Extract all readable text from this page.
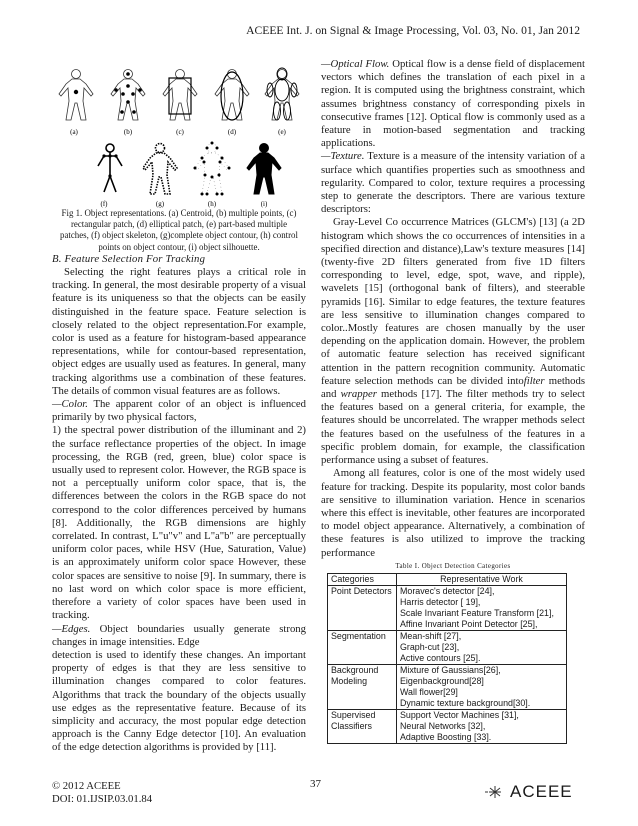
ACEEE Int. J. on Signal & Image Processing, Vol. 03, No. 01, Jan 2012
(a)	(b)	(c)	(d)	(e)
(f)	(g)	(h)	(i)

Fig 1. Object representations. (a) Centroid, (b) multiple points, (c) rectangular patch, (d) elliptical patch, (e) part-based multiple patches, (f) object skeleton, (g)complete object contour, (h) control points on object contour, (i) object silhouette.

B. Feature Selection For Tracking

Selecting the right features plays a critical role in tracking. In general, the most desirable property of a visual feature is its uniqueness so that the objects can be easily distinguished in the feature space. Feature selection is closely related to the object representation.For example, color is used as a feature for histogram-based appearance representations, while for contour-based representation, object edges are usually used as features. In general, many tracking algorithms use a combination of these features. The details of common visual features are as follows.

—Color. The apparent color of an object is influenced primarily by two physical factors,

1) the spectral power distribution of the illuminant and 2) the surface reflectance properties of the object. In image processing, the RGB (red, green, blue) color space is usually used to represent color. However, the RGB space is not a perceptually uniform color space, that is, the differences between the colors in the RGB space do not correspond to the color differences perceived by humans [8]. Additionally, the RGB dimensions are highly correlated. In contrast, L"u"v" and L"a"b" are perceptually uniform color paces, while HSV (Hue, Saturation, Value) is an approximately uniform color space However, these color spaces are sensitive to noise [9]. In summary, there is no last word on which color space is more efficient, therefore a variety of color spaces have been used in tracking.

—Edges. Object boundaries usually generate strong changes in image intensities. Edge

detection is used to identify these changes. An important property of edges is that they are less sensitive to illumination changes compared to color features. Algorithms that track the boundary of the objects usually use edges as the representative feature. Because of its simplicity and accuracy, the most popular edge detection approach is the Canny Edge detector [10]. An evaluation of the edge detection algorithms is provided by [11].

—Optical Flow. Optical flow is a dense field of displacement vectors which defines the translation of each pixel in a region. It is computed using the brightness constraint, which assumes brightness constancy of corresponding pixels in consecutive frames [12]. Optical flow is commonly used as a feature in motion-based segmentation and tracking applications.

—Texture. Texture is a measure of the intensity variation of a surface which quantifies properties such as smoothness and regularity. Compared to color, texture requires a processing step to generate the descriptors. There are various texture descriptors:

Gray-Level Co occurrence Matrices (GLCM's) [13] (a 2D histogram which shows the co occurrences of intensities in a specified direction and distance),Law's texture measures [14] (twenty-five 2D filters generated from five 1D filters corresponding to level, edge, spot, wave, and ripple), wavelets [15] (orthogonal bank of filters), and steerable pyramids [16]. Similar to edge features, the texture features are less sensitive to illumination changes compared to color..Mostly features are chosen manually by the user depending on the application domain. However, the problem of automatic feature selection has received significant attention in the pattern recognition community. Automatic feature selection methods can be divided intofilter methods and wrapper methods [17]. The filter methods try to select the features based on a general criteria, for example, the features should be uncorrelated. The wrapper methods select the features based on the usefulness of the features in a specific problem domain, for example, the classification performance using a subset of features.

Among all features, color is one of the most widely used feature for tracking. Despite its popularity, most color bands are sensitive to illumination variation. Hence in scenarios where this effect is inevitable, other features are incorporated to model object appearance. Alternatively, a combination of these features is also utilized to improve the tracking performance

Table I. Object Detection Categories

Categories	Representative Work
Point Detectors	Moravec's detector [24],
Harris detector [ 19],
Scale Invariant Feature Transform [21],
Affine Invariant Point Detector [25],

Segmentation	Mean-shift [27],
Graph-cut [23],
Active contours [25].

Background Modeling	Mixture of Gaussians[26],
Eigenbackground[28]
Wall flower[29]
Dynamic texture background[30].

Supervised Classifiers	Support Vector Machines [31],
Neural Networks [32],
Adaptive Boosting [33].
© 2012 ACEEE
DOI: 01.IJSIP.03.01.84
37	ACEEE
